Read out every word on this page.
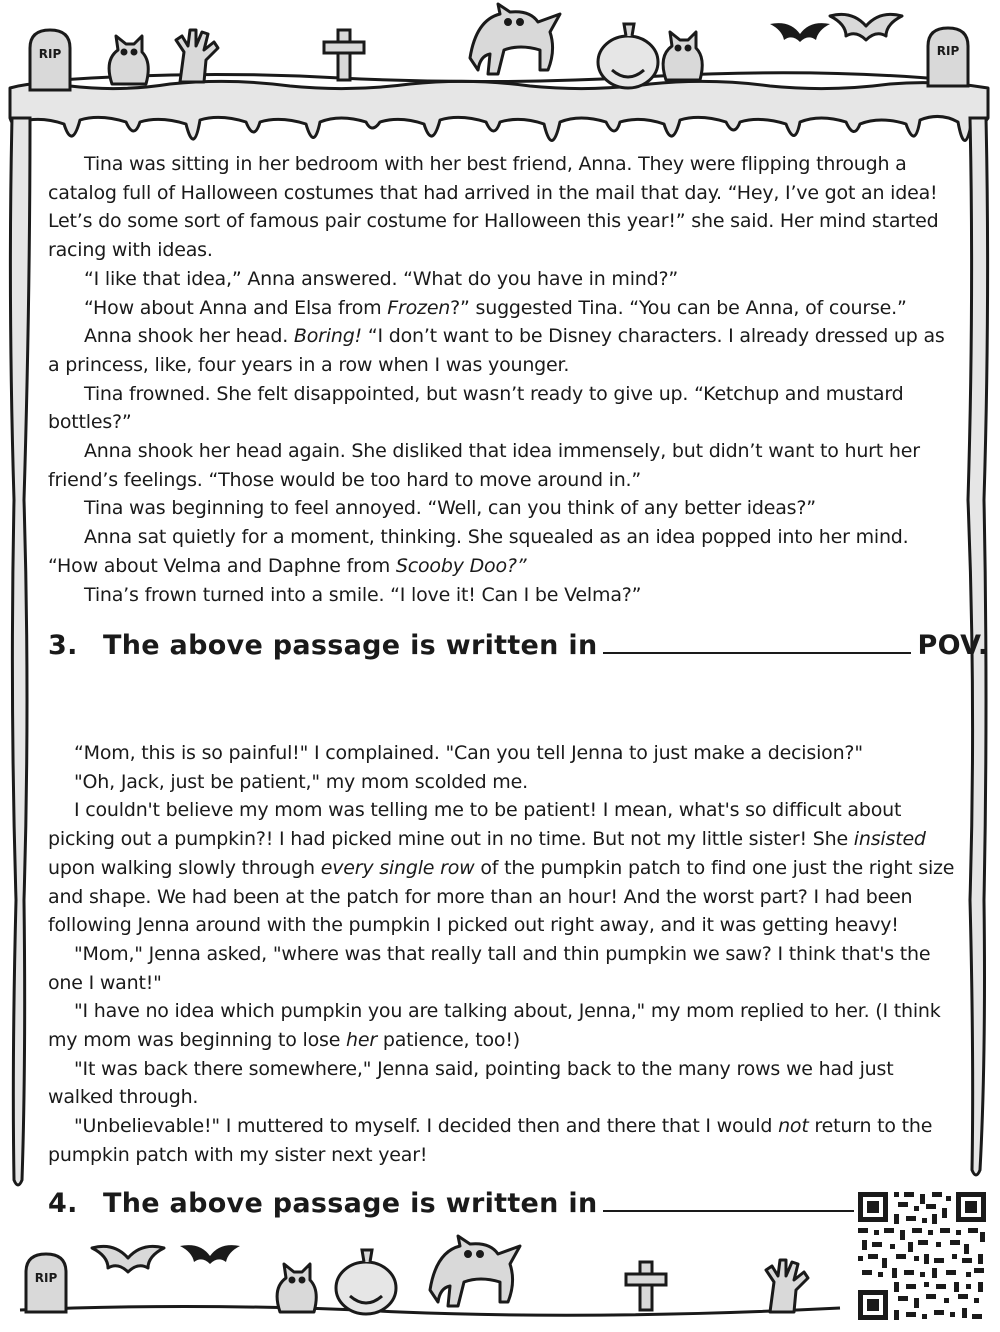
RIP	RIP
RIP

Tina was sitting in her bedroom with her best friend, Anna. They were flipping through a catalog full of Halloween costumes that had arrived in the mail that day. “Hey, I’ve got an idea! Let’s do some sort of famous pair costume for Halloween this year!” she said. Her mind started racing with ideas.

“I like that idea,” Anna answered. “What do you have in mind?”

“How about Anna and Elsa from Frozen?” suggested Tina. “You can be Anna, of course.”

Anna shook her head. Boring! “I don’t want to be Disney characters. I already dressed up as a princess, like, four years in a row when I was younger.

Tina frowned. She felt disappointed, but wasn’t ready to give up. “Ketchup and mustard bottles?”

Anna shook her head again. She disliked that idea immensely, but didn’t want to hurt her friend’s feelings. “Those would be too hard to move around in.”

Tina was beginning to feel annoyed. “Well, can you think of any better ideas?”

Anna sat quietly for a moment, thinking. She squealed as an idea popped into her mind. “How about Velma and Daphne from Scooby Doo?”

Tina’s frown turned into a smile. “I love it! Can I be Velma?”

3. The above passage is written in	POV.

“Mom, this is so painful!" I complained. "Can you tell Jenna to just make a decision?"

"Oh, Jack, just be patient," my mom scolded me.

I couldn't believe my mom was telling me to be patient! I mean, what's so difficult about picking out a pumpkin?! I had picked mine out in no time. But not my little sister! She insisted upon walking slowly through every single row of the pumpkin patch to find one just the right size and shape. We had been at the patch for more than an hour! And the worst part? I had been following Jenna around with the pumpkin I picked out right away, and it was getting heavy!

"Mom," Jenna asked, "where was that really tall and thin pumpkin we saw? I think that's the one I want!"

"I have no idea which pumpkin you are talking about, Jenna," my mom replied to her. (I think my mom was beginning to lose her patience, too!)

"It was back there somewhere," Jenna said, pointing back to the many rows we had just walked through.

"Unbelievable!" I muttered to myself. I decided then and there that I would not return to the pumpkin patch with my sister next year!

4. The above passage is written in
